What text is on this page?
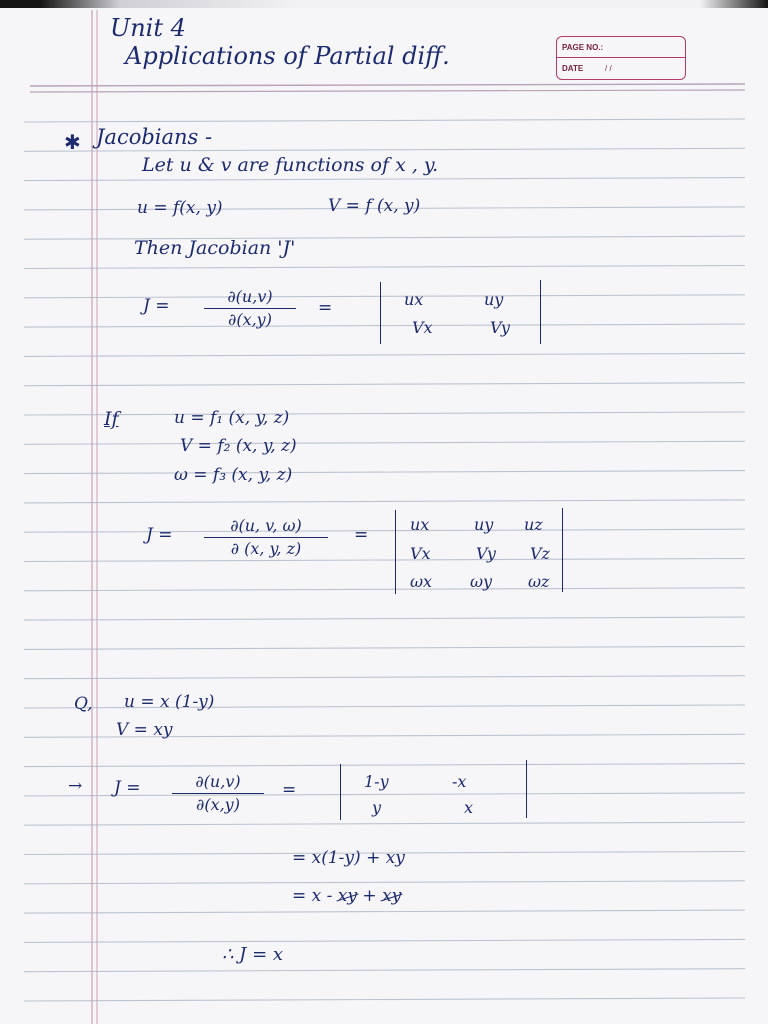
Unit 4
Applications of Partial diff.	PAGE NO.:
DATE	/ /
✱ Jacobians -
Let u & v are functions of x , y.
u = f(x, y)	V = f (x, y)
Then Jacobian 'J'
J =	∂(u,v)
∂(x,y)
=	ux	uy
Vx	Vy
If	u = f₁ (x, y, z)
V = f₂ (x, y, z)
ω = f₃ (x, y, z)
J =	∂(u, v, ω)
∂ (x, y, z)
=
ux	uy uz
Vx	Vy Vz
ωx ωy ωz
Q, u = x (1-y)
V = xy
→ J =	∂(u,v)
∂(x,y)
=	1-y	-x
y	x
= x(1-y) + xy
= x - xy + xy
∴ J = x
